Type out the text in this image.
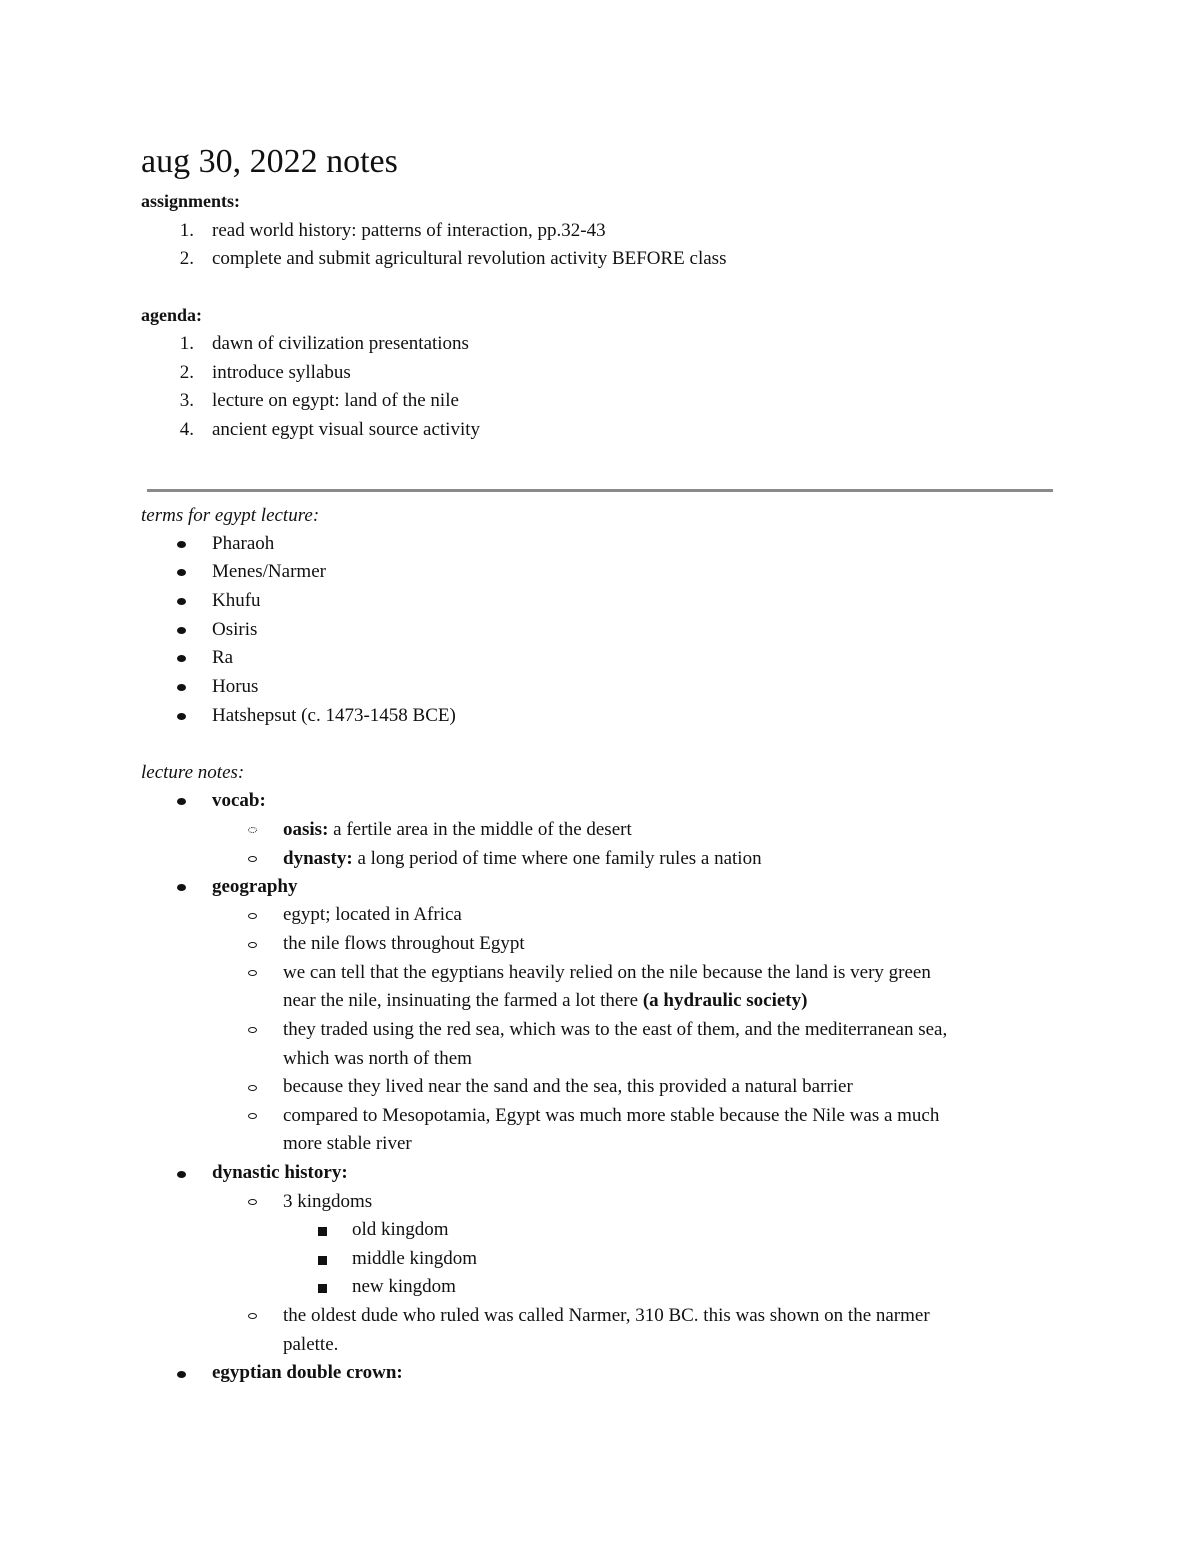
aug 30, 2022 notes
assignments:
1. read world history: patterns of interaction, pp.32-43
2. complete and submit agricultural revolution activity BEFORE class
agenda:
1. dawn of civilization presentations
2. introduce syllabus
3. lecture on egypt: land of the nile
4. ancient egypt visual source activity
terms for egypt lecture:
Pharaoh
Menes/Narmer
Khufu
Osiris
Ra
Horus
Hatshepsut (c. 1473-1458 BCE)
lecture notes:
vocab:
oasis: a fertile area in the middle of the desert
dynasty: a long period of time where one family rules a nation
geography
egypt; located in Africa
the nile flows throughout Egypt
we can tell that the egyptians heavily relied on the nile because the land is very green
near the nile, insinuating the farmed a lot there (a hydraulic society)
they traded using the red sea, which was to the east of them, and the mediterranean sea,
which was north of them
because they lived near the sand and the sea, this provided a natural barrier
compared to Mesopotamia, Egypt was much more stable because the Nile was a much
more stable river
dynastic history:
3 kingdoms
old kingdom
middle kingdom
new kingdom
the oldest dude who ruled was called Narmer, 310 BC. this was shown on the narmer
palette.
egyptian double crown:
